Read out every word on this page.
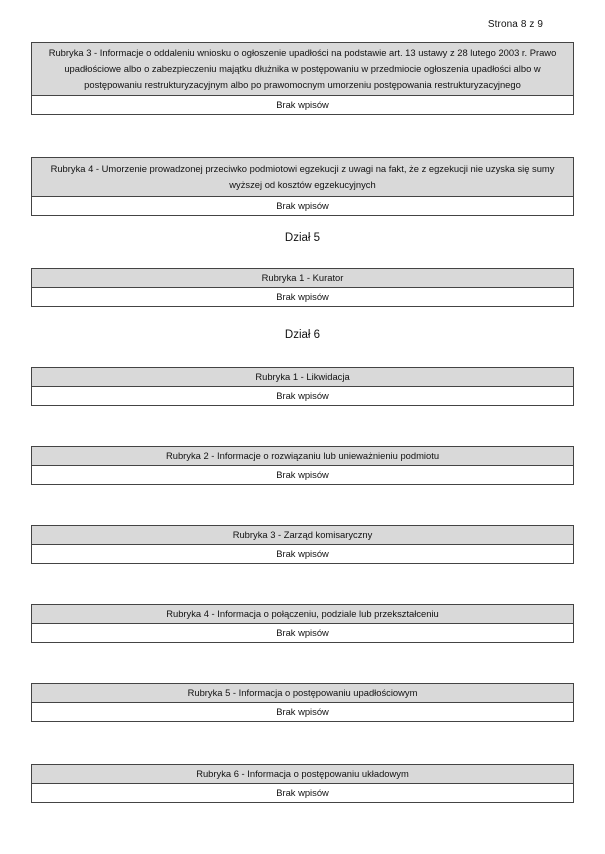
Strona 8 z 9
Rubryka 3 - Informacje o oddaleniu wniosku o ogłoszenie upadłości na podstawie art. 13 ustawy z 28 lutego 2003 r. Prawo upadłościowe albo o zabezpieczeniu majątku dłużnika w postępowaniu w przedmiocie ogłoszenia upadłości albo w postępowaniu restrukturyzacyjnym albo po prawomocnym umorzeniu postępowania restrukturyzacyjnego
Brak wpisów
Rubryka 4 - Umorzenie prowadzonej przeciwko podmiotowi egzekucji z uwagi na fakt, że z egzekucji nie uzyska się sumy wyższej od kosztów egzekucyjnych
Brak wpisów
Dział 5
Rubryka 1 - Kurator
Brak wpisów
Dział 6
Rubryka 1 - Likwidacja
Brak wpisów
Rubryka 2 - Informacje o rozwiązaniu lub unieważnieniu podmiotu
Brak wpisów
Rubryka 3 - Zarząd komisaryczny
Brak wpisów
Rubryka 4 - Informacja o połączeniu, podziale lub przekształceniu
Brak wpisów
Rubryka 5 - Informacja o postępowaniu upadłościowym
Brak wpisów
Rubryka 6 - Informacja o postępowaniu układowym
Brak wpisów
